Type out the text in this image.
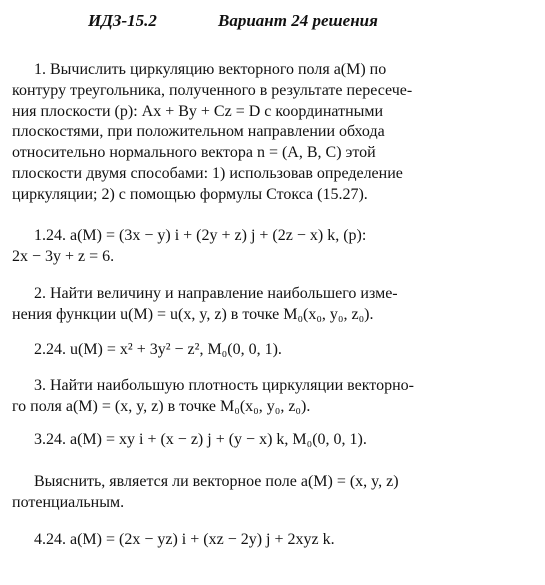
ИДЗ-15.2	Вариант 24 решения
1. Вычислить циркуляцию векторного поля a(M) по
контуру треугольника, полученного в результате пересече-
ния плоскости (p): Ax + By + Cz = D с координатными
плоскостями, при положительном направлении обхода
относительно нормального вектора n = (A, B, C) этой
плоскости двумя способами: 1) использовав определение
циркуляции; 2) с помощью формулы Стокса (15.27).
1.24. a(M) = (3x − y) i + (2y + z) j + (2z − x) k, (p):
2x − 3y + z = 6.
2. Найти величину и направление наибольшего изме-
нения функции u(M) = u(x, y, z) в точке M₀(x₀, y₀, z₀).
2.24. u(M) = x² + 3y² − z², M₀(0, 0, 1).
3. Найти наибольшую плотность циркуляции векторно-
го поля a(M) = (x, y, z) в точке M₀(x₀, y₀, z₀).
3.24. a(M) = xy i + (x − z) j + (y − x) k, M₀(0, 0, 1).
Выяснить, является ли векторное поле a(M) = (x, y, z)
потенциальным.
4.24. a(M) = (2x − yz) i + (xz − 2y) j + 2xyz k.
